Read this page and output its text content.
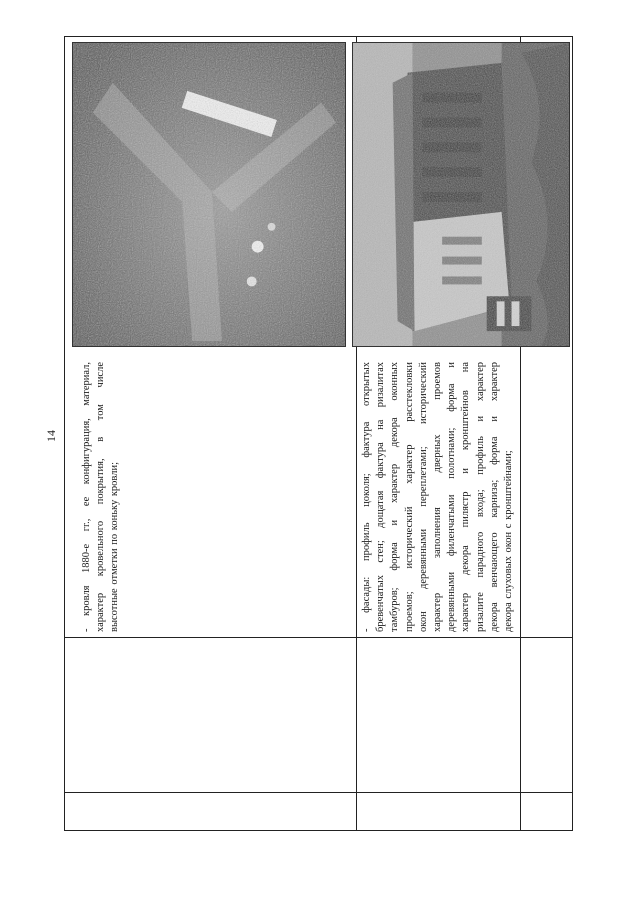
14 - кровля 1880-е гг., ее конфигурация, материал, характер кровельного покрытия, в том числе высотные отметки по коньку кровли;	- фасады: профиль цоколя; фактура открытых бревенчатых стен; дощатая фактура на ризалитах тамбуров; форма и характер декора оконных проемов; исторический характер расстекловки окон деревянными переплетами; исторический характер заполнения дверных проемов деревянными филенчатыми полотнами; форма и характер декора пилястр и кронштейнов на ризалите парадного входа; профиль и характер декора венчающего карниза; форма и характер декора слуховых окон с кронштейнами;
